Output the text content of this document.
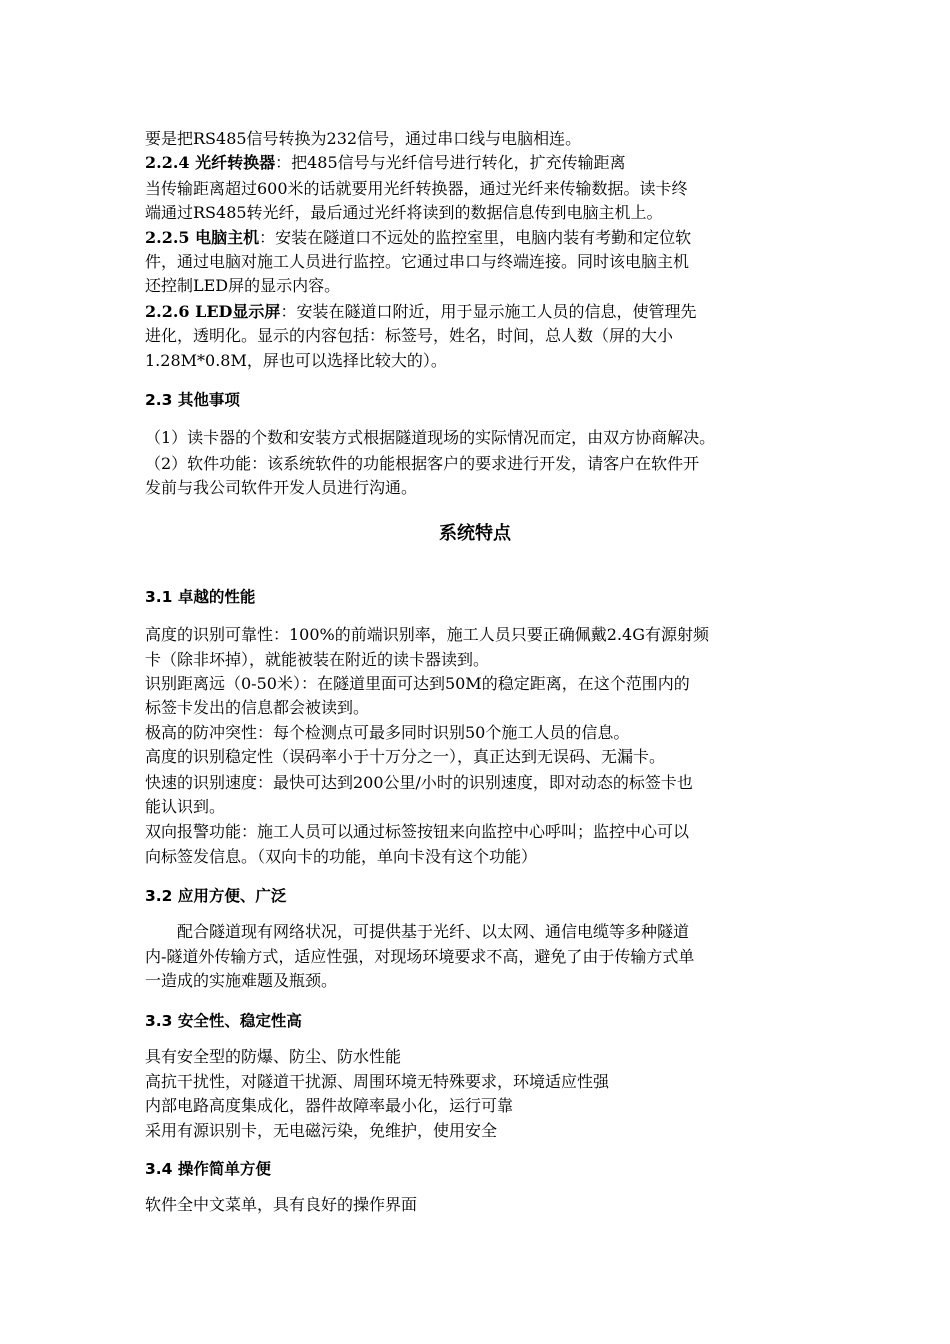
要是把RS485信号转换为232信号，通过串口线与电脑相连。
2.2.4 光纤转换器：把485信号与光纤信号进行转化，扩充传输距离
当传输距离超过600米的话就要用光纤转换器，通过光纤来传输数据。读卡终
端通过RS485转光纤，最后通过光纤将读到的数据信息传到电脑主机上。
2.2.5 电脑主机：安装在隧道口不远处的监控室里，电脑内装有考勤和定位软
件，通过电脑对施工人员进行监控。它通过串口与终端连接。同时该电脑主机
还控制LED屏的显示内容。
2.2.6 LED显示屏：安装在隧道口附近，用于显示施工人员的信息，使管理先
进化，透明化。显示的内容包括：标签号，姓名，时间，总人数（屏的大小
1.28M*0.8M，屏也可以选择比较大的）。
2.3 其他事项
（1）读卡器的个数和安装方式根据隧道现场的实际情况而定，由双方协商解决。
（2）软件功能：该系统软件的功能根据客户的要求进行开发，请客户在软件开
发前与我公司软件开发人员进行沟通。
系统特点
3.1 卓越的性能
高度的识别可靠性：100%的前端识别率，施工人员只要正确佩戴2.4G有源射频
卡（除非坏掉），就能被装在附近的读卡器读到。
识别距离远（0-50米）：在隧道里面可达到50M的稳定距离，在这个范围内的
标签卡发出的信息都会被读到。
极高的防冲突性：每个检测点可最多同时识别50个施工人员的信息。
高度的识别稳定性（误码率小于十万分之一），真正达到无误码、无漏卡。
快速的识别速度：最快可达到200公里/小时的识别速度，即对动态的标签卡也
能认识到。
双向报警功能：施工人员可以通过标签按钮来向监控中心呼叫；监控中心可以
向标签发信息。（双向卡的功能，单向卡没有这个功能）
3.2 应用方便、广泛
　　配合隧道现有网络状况，可提供基于光纤、以太网、通信电缆等多种隧道
内-隧道外传输方式，适应性强，对现场环境要求不高，避免了由于传输方式单
一造成的实施难题及瓶颈。
3.3 安全性、稳定性高
具有安全型的防爆、防尘、防水性能
高抗干扰性，对隧道干扰源、周围环境无特殊要求，环境适应性强
内部电路高度集成化，器件故障率最小化，运行可靠
采用有源识别卡，无电磁污染，免维护，使用安全
3.4 操作简单方便
软件全中文菜单，具有良好的操作界面
